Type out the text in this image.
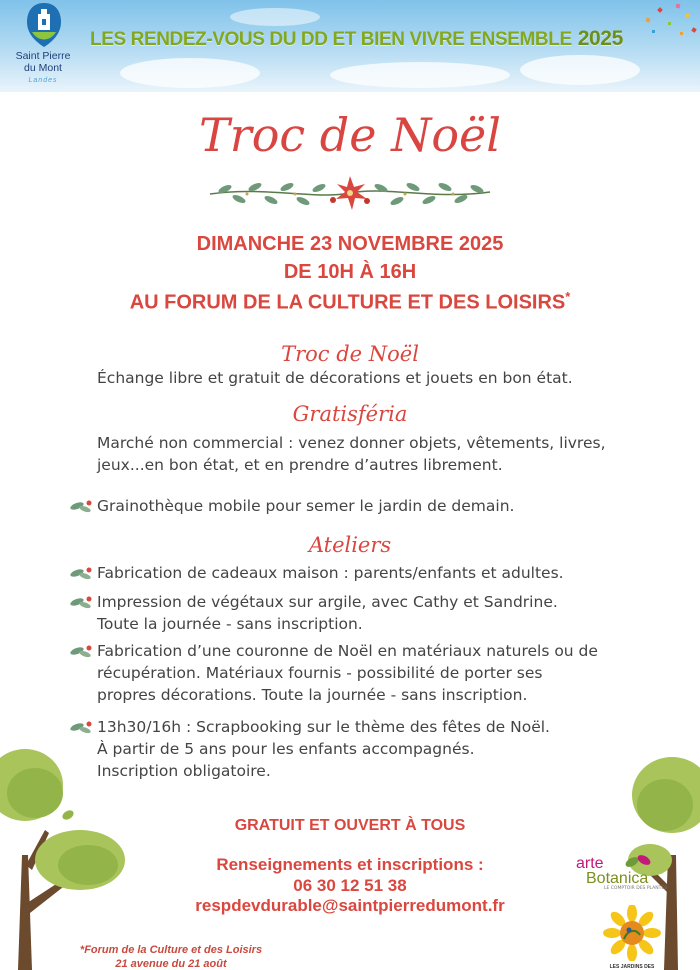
Saint Pierre
du Mont
Landes
LES RENDEZ-VOUS DU DD ET BIEN VIVRE ENSEMBLE 2025
Troc de Noël
DIMANCHE 23 NOVEMBRE 2025
DE 10H À 16H
AU FORUM DE LA CULTURE ET DES LOISIRS*
Troc de Noël
Échange libre et gratuit de décorations et jouets en bon état.
Gratisféria
Marché non commercial : venez donner objets, vêtements, livres,
jeux...en bon état, et en prendre d’autres librement.
Grainothèque mobile pour semer le jardin de demain.
Ateliers
Fabrication de cadeaux maison : parents/enfants et adultes.
Impression de végétaux sur argile, avec Cathy et Sandrine.
Toute la journée - sans inscription.
Fabrication d’une couronne de Noël en matériaux naturels ou de
récupération. Matériaux fournis - possibilité de porter ses
propres décorations. Toute la journée - sans inscription.
13h30/16h : Scrapbooking sur le thème des fêtes de Noël.
À partir de 5 ans pour les enfants accompagnés.
Inscription obligatoire.
GRATUIT ET OUVERT À TOUS
Renseignements et inscriptions :
06 30 12 51 38
respdevdurable@saintpierredumont.fr
*Forum de la Culture et des Loisirs
21 avenue du 21 août
arte
Botanica
LE COMPTOIR DES PLANTES
LES JARDINS DES
